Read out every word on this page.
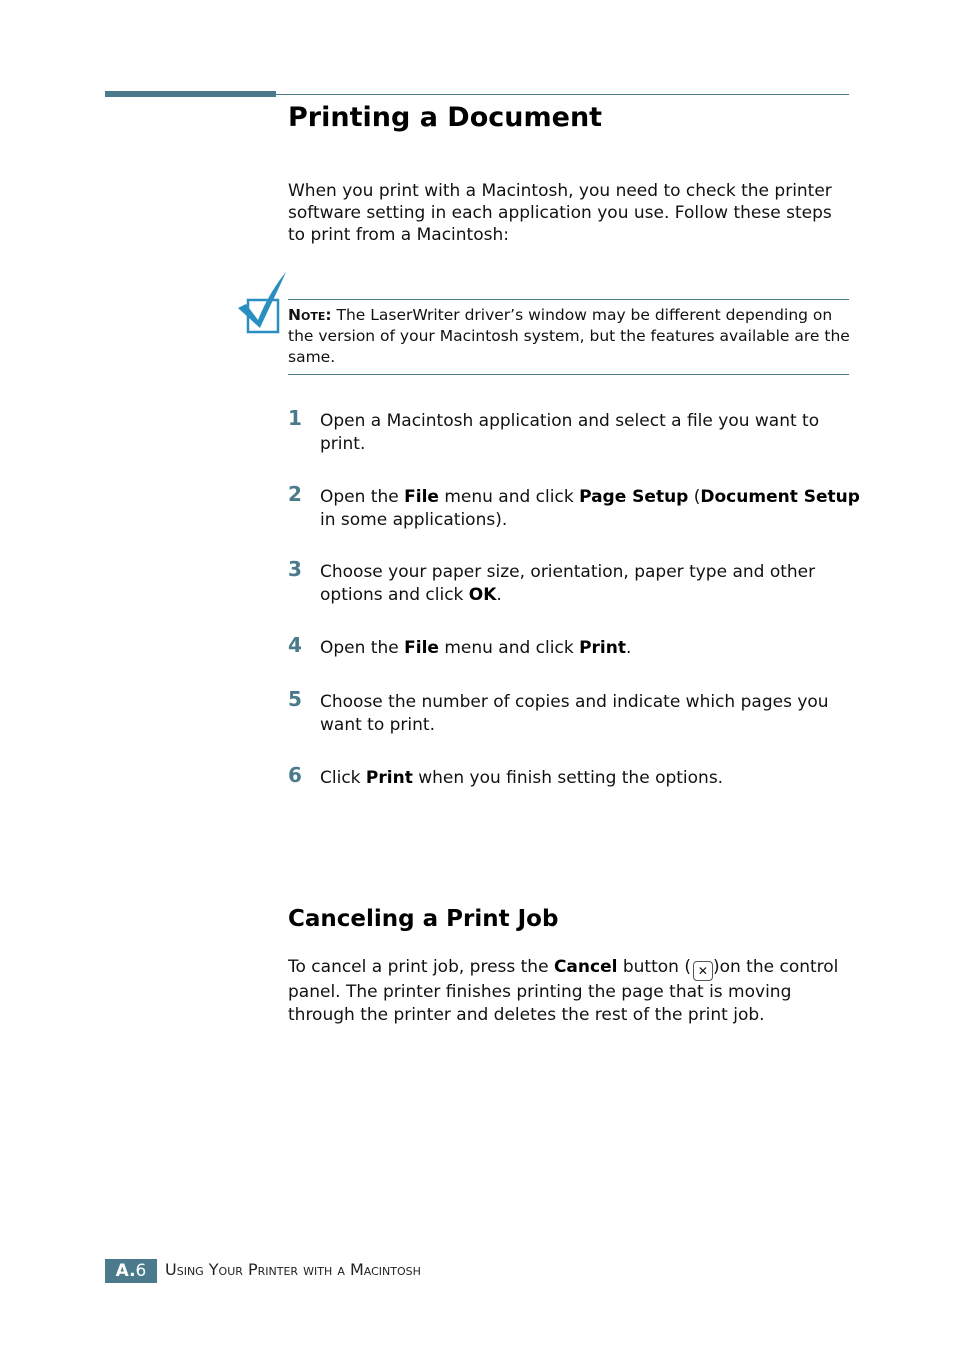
Printing a Document

When you print with a Macintosh, you need to check the printer software setting in each application you use. Follow these steps to print from a Macintosh:

Note: The LaserWriter driver’s window may be different depending on the version of your Macintosh system, but the features available are the same.

1 Open a Macintosh application and select a file you want to print.

2 Open the File menu and click Page Setup (Document Setup in some applications).

3 Choose your paper size, orientation, paper type and other options and click OK.

4 Open the File menu and click Print.

5 Choose the number of copies and indicate which pages you want to print.

6 Click Print when you finish setting the options.

Canceling a Print Job

To cancel a print job, press the Cancel button ( ✕ )on the control panel. The printer finishes printing the page that is moving through the printer and deletes the rest of the print job.

A.6	Using Your Printer with a Macintosh
